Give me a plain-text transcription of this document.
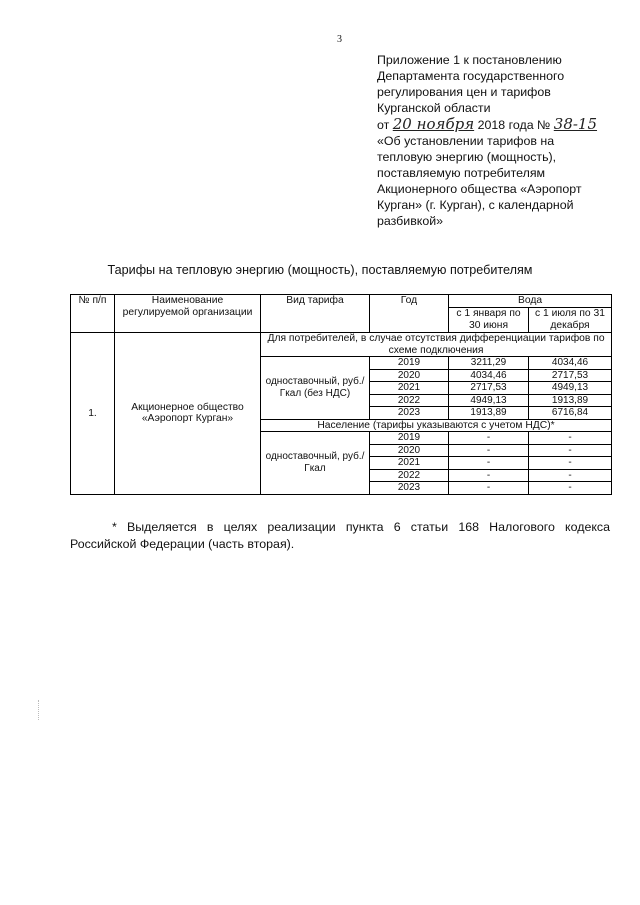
3
Приложение 1 к постановлению
Департамента государственного
регулирования цен и тарифов
Курганской области
от 20 ноября 2018 года № 38-15
«Об установлении тарифов на
тепловую энергию (мощность),
поставляемую потребителям
Акционерного общества «Аэропорт
Курган» (г. Курган), с календарной
разбивкой»
Тарифы на тепловую энергию (мощность), поставляемую потребителям
№ п/п	Наименование регулируемой организации	Вид тарифа	Год	Вода	
				с 1 января по 30 июня	с 1 июля по 31 декабря
1.	Акционерное общество «Аэропорт Курган»	Для потребителей, в случае отсутствия дифференциации тарифов по схеме подключения			
		одноставочный, руб./Гкал (без НДС)	2019	3211,29	4034,46
			2020	4034,46	2717,53
			2021	2717,53	4949,13
			2022	4949,13	1913,89
			2023	1913,89	6716,84
		Население (тарифы указываются с учетом НДС)*			
		одноставочный, руб./Гкал	2019	-	-
			2020	-	-
			2021	-	-
			2022	-	-
			2023	-	-
* Выделяется в целях реализации пункта 6 статьи 168 Налогового кодекса Российской Федерации (часть вторая).
